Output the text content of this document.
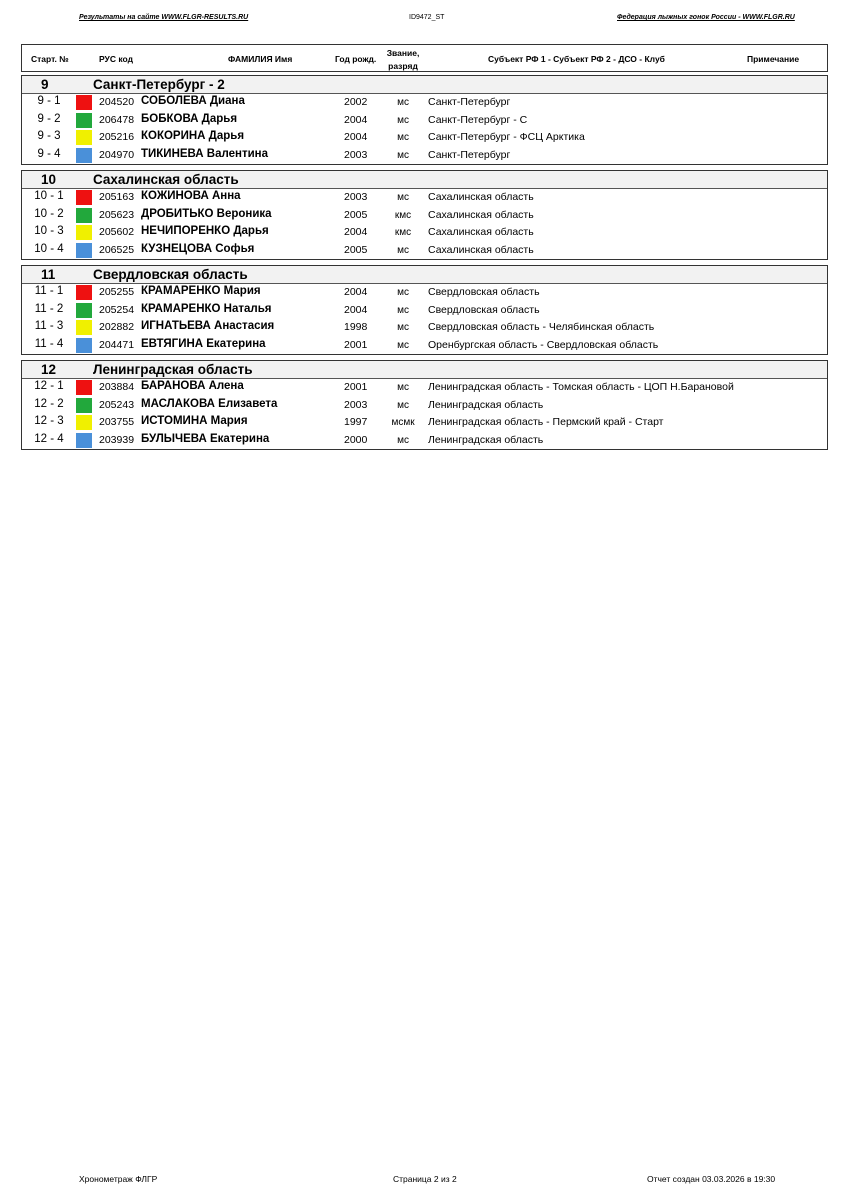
Результаты на сайте WWW.FLGR-RESULTS.RU	ID9472_ST	Федерация лыжных гонок России - WWW.FLGR.RU
Старт. №	РУС код	ФАМИЛИЯ Имя	Год рожд.
Звание, разряд
Субъект РФ 1 - Субъект РФ 2 - ДСО - Клуб	Примечание
9	Санкт-Петербург - 2
9 - 1	204520 СОБОЛЕВА Диана	2002	мс	Санкт-Петербург
9 - 2	206478 БОБКОВА Дарья	2004	мс	Санкт-Петербург - С
9 - 3	205216 КОКОРИНА Дарья	2004	мс	Санкт-Петербург - ФСЦ Арктика
9 - 4	204970 ТИКИНЕВА Валентина	2003	мс	Санкт-Петербург
10	Сахалинская область
10 - 1	205163 КОЖИНОВА Анна	2003	мс	Сахалинская область
10 - 2	205623 ДРОБИТЬКО Вероника	2005	кмс	Сахалинская область
10 - 3	205602 НЕЧИПОРЕНКО Дарья	2004	кмс	Сахалинская область
10 - 4	206525 КУЗНЕЦОВА Софья	2005	мс	Сахалинская область
11	Свердловская область
11 - 1	205255 КРАМАРЕНКО Мария	2004	мс	Свердловская область
11 - 2	205254 КРАМАРЕНКО Наталья	2004	мс	Свердловская область
11 - 3	202882 ИГНАТЬЕВА Анастасия	1998	мс	Свердловская область - Челябинская область
11 - 4	204471 ЕВТЯГИНА Екатерина	2001	мс	Оренбургская область - Свердловская область
12	Ленинградская область
12 - 1	203884 БАРАНОВА Алена	2001	мс	Ленинградская область - Томская область - ЦОП Н.Барановой
12 - 2	205243 МАСЛАКОВА Елизавета	2003	мс	Ленинградская область
12 - 3	203755 ИСТОМИНА Мария	1997	мсмк	Ленинградская область - Пермский край - Старт
12 - 4	203939 БУЛЫЧЕВА Екатерина	2000	мс	Ленинградская область
Хронометраж ФЛГР	Страница 2 из 2	Отчет создан 03.03.2026 в 19:30
